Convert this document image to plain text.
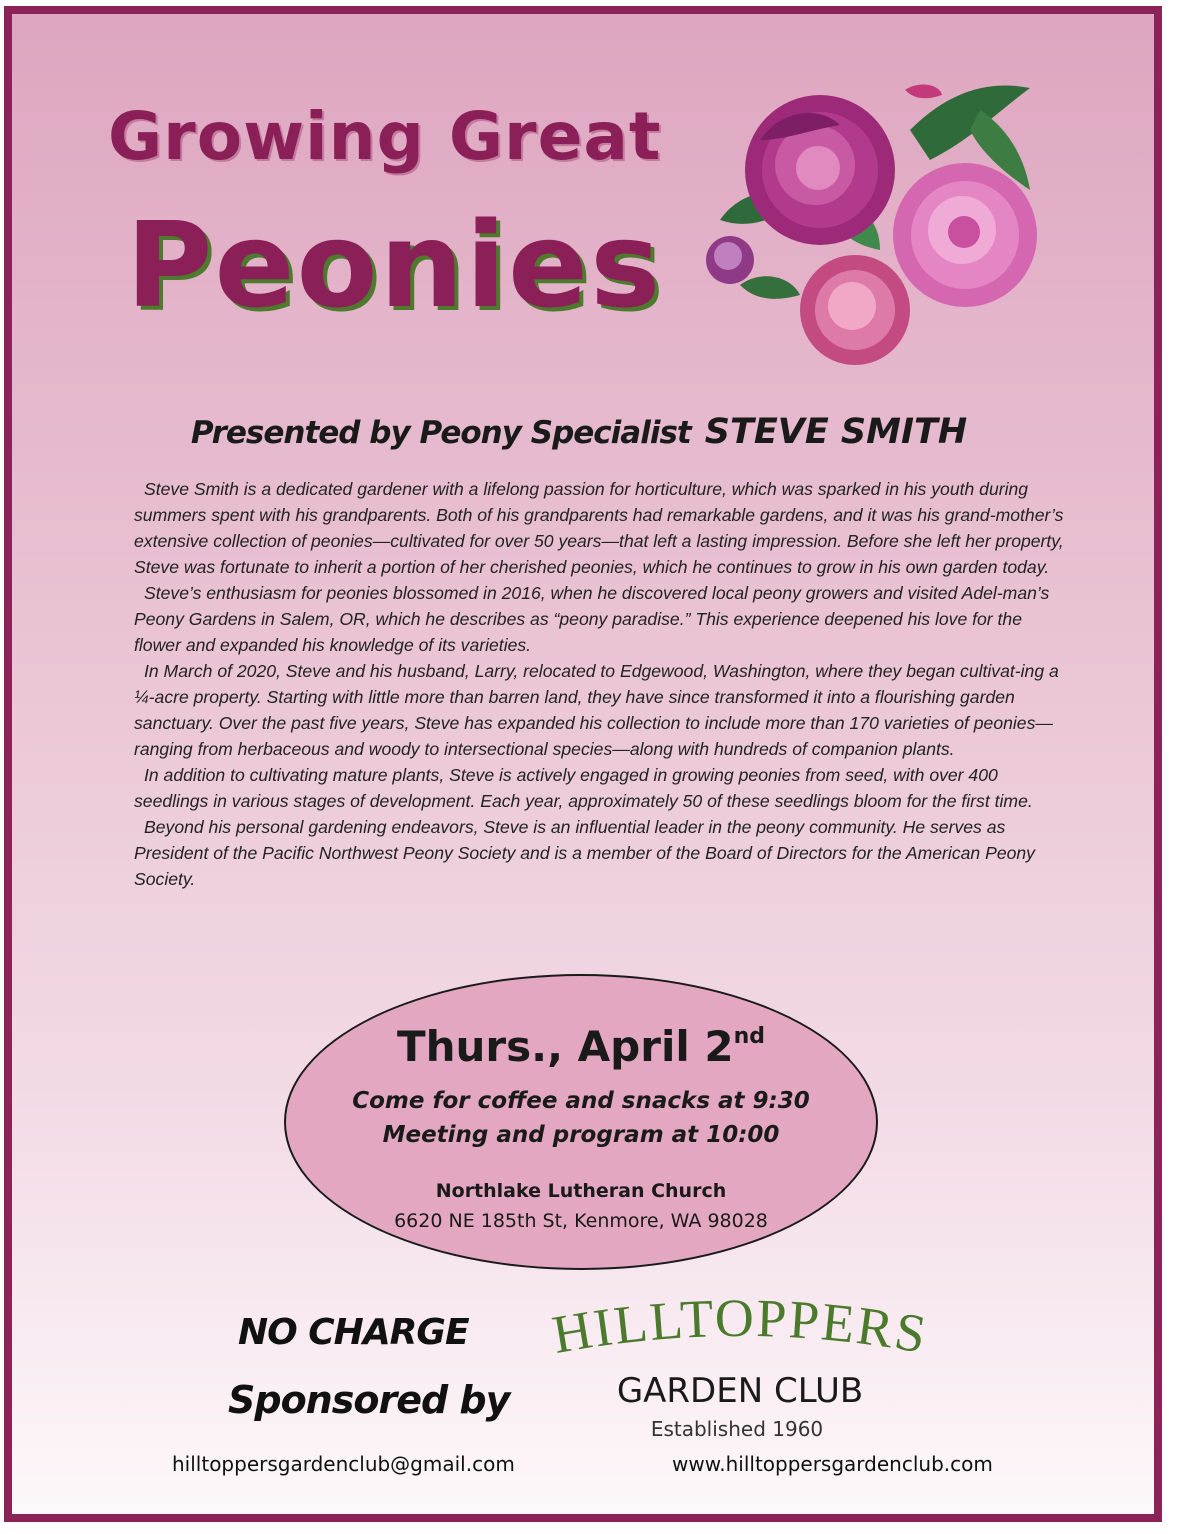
Growing Great
Peonies
Presented by Peony Specialist STEVE SMITH

Steve Smith is a dedicated gardener with a lifelong passion for horticulture, which was sparked in his youth during summers spent with his grandparents. Both of his grandparents had remarkable gardens, and it was his grand-mother’s extensive collection of peonies—cultivated for over 50 years—that left a lasting impression. Before she left her property, Steve was fortunate to inherit a portion of her cherished peonies, which he continues to grow in his own garden today.

Steve’s enthusiasm for peonies blossomed in 2016, when he discovered local peony growers and visited Adel-man’s Peony Gardens in Salem, OR, which he describes as “peony paradise.” This experience deepened his love for the flower and expanded his knowledge of its varieties.

In March of 2020, Steve and his husband, Larry, relocated to Edgewood, Washington, where they began cultivat-ing a ¼-acre property. Starting with little more than barren land, they have since transformed it into a flourishing garden sanctuary. Over the past five years, Steve has expanded his collection to include more than 170 varieties of peonies—ranging from herbaceous and woody to intersectional species—along with hundreds of companion plants.

In addition to cultivating mature plants, Steve is actively engaged in growing peonies from seed, with over 400 seedlings in various stages of development. Each year, approximately 50 of these seedlings bloom for the first time.

Beyond his personal gardening endeavors, Steve is an influential leader in the peony community. He serves as President of the Pacific Northwest Peony Society and is a member of the Board of Directors for the American Peony Society.

Thurs., April 2nd
Come for coffee and snacks at 9:30
Meeting and program at 10:00
Northlake Lutheran Church
6620 NE 185th St, Kenmore, WA 98028
NO CHARGE
Sponsored by
HILLTOPPERS
GARDEN CLUB
Established 1960
hilltoppersgardenclub@gmail.com	www.hilltoppersgardenclub.com
